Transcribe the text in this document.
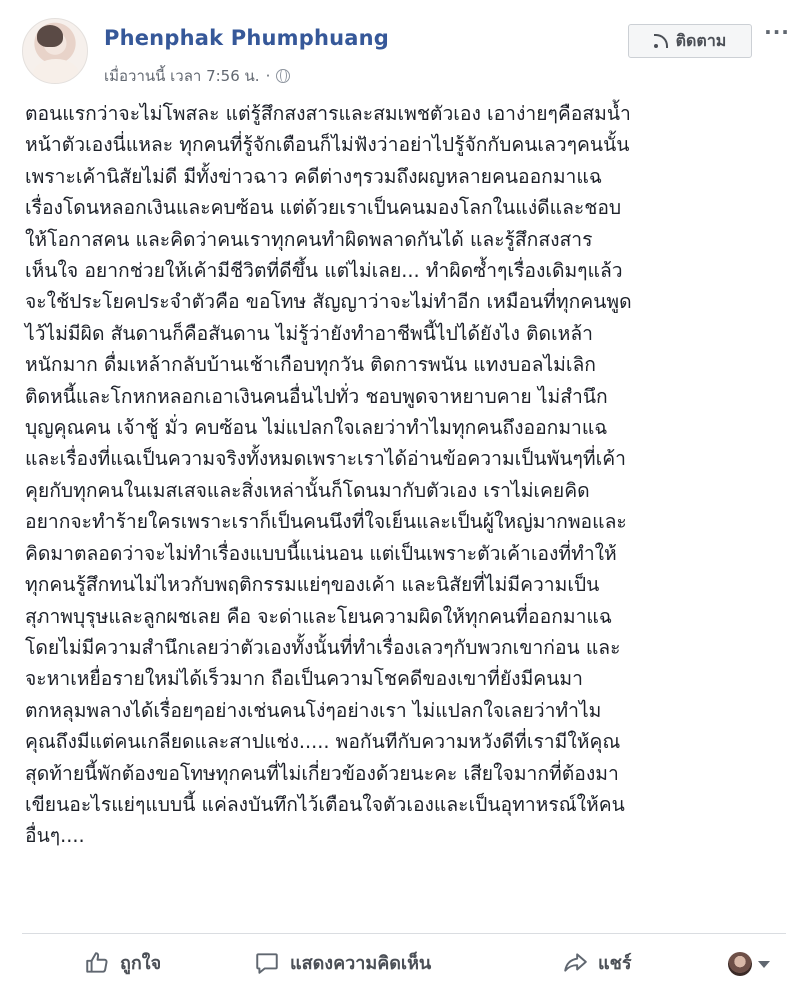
Phenphak Phumphuang
เมื่อวานนี้ เวลา 7:56 น. ·
ติดตาม ···

ตอนแรกว่าจะไม่โพสละ แต่รู้สึกสงสารและสมเพชตัวเอง เอาง่ายๆคือสมน้ำ

หน้าตัวเองนี่แหละ ทุกคนที่รู้จักเตือนก็ไม่ฟังว่าอย่าไปรู้จักกับคนเลวๆคนนั้น

เพราะเค้านิสัยไม่ดี มีทั้งข่าวฉาว คดีต่างๆรวมถึงผญหลายคนออกมาแฉ

เรื่องโดนหลอกเงินและคบซ้อน แต่ด้วยเราเป็นคนมองโลกในแง่ดีและชอบ

ให้โอกาสคน และคิดว่าคนเราทุกคนทำผิดพลาดกันได้ และรู้สึกสงสาร

เห็นใจ อยากช่วยให้เค้ามีชีวิตที่ดีขึ้น แต่ไม่เลย... ทำผิดซ้ำๆเรื่องเดิมๆแล้ว

จะใช้ประโยคประจำตัวคือ ขอโทษ สัญญาว่าจะไม่ทำอีก เหมือนที่ทุกคนพูด

ไว้ไม่มีผิด สันดานก็คือสันดาน ไม่รู้ว่ายังทำอาชีพนี้ไปได้ยังไง ติดเหล้า

หนักมาก ดื่มเหล้ากลับบ้านเช้าเกือบทุกวัน ติดการพนัน แทงบอลไม่เลิก

ติดหนี้และโกหกหลอกเอาเงินคนอื่นไปทั่ว ชอบพูดจาหยาบคาย ไม่สำนึก

บุญคุณคน เจ้าชู้ มั่ว คบซ้อน ไม่แปลกใจเลยว่าทำไมทุกคนถึงออกมาแฉ

และเรื่องที่แฉเป็นความจริงทั้งหมดเพราะเราได้อ่านข้อความเป็นพันๆที่เค้า

คุยกับทุกคนในเมสเสจและสิ่งเหล่านั้นก็โดนมากับตัวเอง เราไม่เคยคิด

อยากจะทำร้ายใครเพราะเราก็เป็นคนนึงที่ใจเย็นและเป็นผู้ใหญ่มากพอและ

คิดมาตลอดว่าจะไม่ทำเรื่องแบบนี้แน่นอน แต่เป็นเพราะตัวเค้าเองที่ทำให้

ทุกคนรู้สึกทนไม่ไหวกับพฤติกรรมแย่ๆของเค้า และนิสัยที่ไม่มีความเป็น

สุภาพบุรุษและลูกผชเลย คือ จะด่าและโยนความผิดให้ทุกคนที่ออกมาแฉ

โดยไม่มีความสำนึกเลยว่าตัวเองทั้งนั้นที่ทำเรื่องเลวๆกับพวกเขาก่อน และ

จะหาเหยื่อรายใหม่ได้เร็วมาก ถือเป็นความโชคดีของเขาที่ยังมีคนมา

ตกหลุมพลางได้เรื่อยๆอย่างเช่นคนโง่ๆอย่างเรา ไม่แปลกใจเลยว่าทำไม

คุณถึงมีแต่คนเกลียดและสาปแช่ง..... พอกันทีกับความหวังดีที่เรามีให้คุณ

สุดท้ายนี้พักต้องขอโทษทุกคนที่ไม่เกี่ยวข้องด้วยนะคะ เสียใจมากที่ต้องมา

เขียนอะไรแย่ๆแบบนี้ แค่ลงบันทึกไว้เตือนใจตัวเองและเป็นอุทาหรณ์ให้คน

อื่นๆ....

ถูกใจ	แสดงความคิดเห็น	แชร์
